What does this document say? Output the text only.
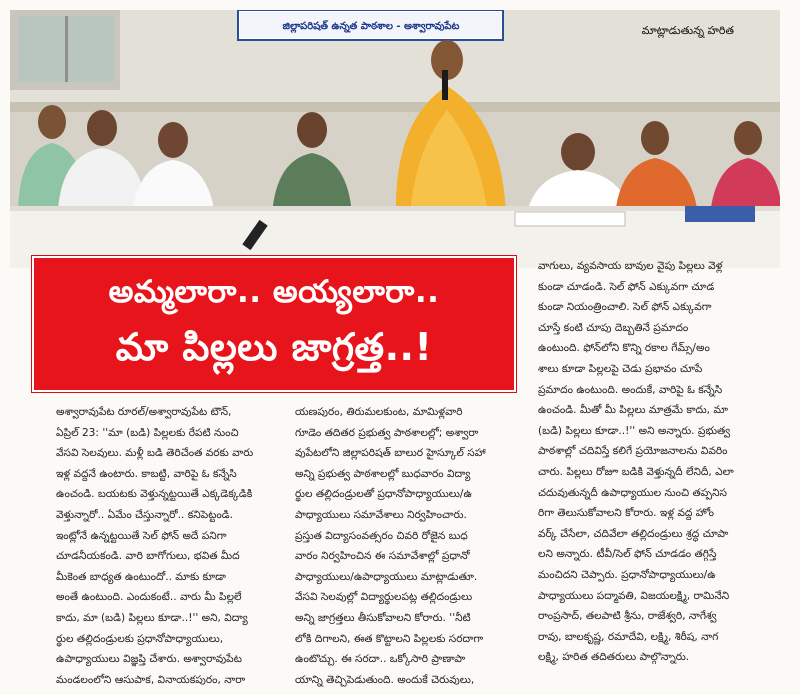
మాట్లాడుతున్న హరిత
అమ్మలారా.. అయ్యలారా..
మా పిల్లలు జాగ్రత్త..!
అశ్వారావుపేట రూరల్/అశ్వారావుపేట టౌన్,
ఏప్రిల్ 23: ''మా (బడి) పిల్లలకు రేపటి నుంచి
వేసవి సెలవులు. మళ్లీ బడి తెరిచేంత వరకు వారు
ఇళ్ల వద్దనే ఉంటారు. కాబట్టి, వారిపై ఓ కన్నేసి
ఉంచండి. బయటకు వెళ్తున్నట్టయితే ఎక్కడెక్కడికి
వెళ్తున్నారో.. ఏమేం చేస్తున్నారో.. కనిపెట్టండి.
ఇంట్లోనే ఉన్నట్టయితే సెల్ ఫోన్ అదే పనిగా
చూడనీయకండి. వారి బాగోగులు, భవిత మీద
మీకెంత బాధ్యత ఉంటుందో.. మాకు కూడా
అంతే ఉంటుంది. ఎందుకంటే.. వారు మీ పిల్లలే
కాదు, మా (బడి) పిల్లలు కూడా..!'' అని, విద్యా
ర్థుల తల్లిదండ్రులకు ప్రధానోపాధ్యాయులు,
ఉపాధ్యాయులు విజ్ఞప్తి చేశారు. అశ్వారావుపేట
మండలంలోని ఆసుపాక, వినాయకపురం, నారా
యణపురం, తిరుమలకుంట, మామిళ్లవారి
గూడెం తదితర ప్రభుత్వ పాఠశాలల్లో; అశ్వారా
వుపేటలోని జిల్లాపరిషత్ బాలుర హైస్కూల్ సహా
అన్ని ప్రభుత్వ పాఠశాలల్లో బుధవారం విద్యా
ర్థుల తల్లిదండ్రులతో ప్రధానోపాధ్యాయులు/ఉ
పాధ్యాయులు సమావేశాలు నిర్వహించారు.
ప్రస్తుత విద్యాసంవత్సరం చివరి రోజైన బుధ
వారం నిర్వహించిన ఈ సమావేశాల్లో ప్రధానో
పాధ్యాయులు/ఉపాధ్యాయులు మాట్లాడుతూ.
వేసవి సెలవుల్లో విద్యార్థులపట్ల తల్లిదండ్రులు
అన్ని జాగ్రత్తలు తీసుకోవాలని కోరారు. ''నీటి
లోకి దిగాలని, ఈత కొట్టాలని పిల్లలకు సరదాగా
ఉంటొచ్చు. ఈ సరదా.. ఒక్కోసారి ప్రాణాపా
యాన్ని తెచ్చిపెడుతుంది. అందుకే చెరువులు,
వాగులు, వ్యవసాయ బావుల వైపు పిల్లలు వెళ్ల
కుండా చూడండి. సెల్ ఫోన్ ఎక్కువగా చూడ
కుండా నియంత్రించాలి. సెల్ ఫోన్ ఎక్కువగా
చూస్తే కంటి చూపు దెబ్బతినే ప్రమాదం
ఉంటుంది. ఫోన్‌లోని కొన్ని రకాల గేమ్స్/అం
శాలు కూడా పిల్లలపై చెడు ప్రభావం చూపే
ప్రమాదం ఉంటుంది. అందుకే, వారిపై ఓ కన్నేసి
ఉంచండి. మీతో మీ పిల్లలు మాత్రమే కాదు, మా
(బడి) పిల్లలు కూడా..!'' అని అన్నారు. ప్రభుత్వ
పాఠశాల్లో చదివిస్తే కలిగే ప్రయోజనాలను వివరిం
చారు. పిల్లలు రోజూ బడికి వెళ్తున్నదీ లేనిదీ, ఎలా
చదువుతున్నదీ ఉపాధ్యాయుల నుంచి తప్పనిస
రిగా తెలుసుకోవాలని కోరారు. ఇళ్ల వద్ద హోం
వర్క్ చేసేలా, చదివేలా తల్లిదండ్రులు శ్రద్ధ చూపా
లని అన్నారు. టీవీ/సెల్ ఫోన్ చూడడం తగ్గిస్తే
మంచిదని చెప్పారు. ప్రధానోపాధ్యాయులు/ఉ
పాధ్యాయులు పద్మావతి, విజయలక్ష్మి, రామినేని
రాంప్రసాద్, తలపాటి శ్రీను, రాజేశ్వరి, నాగేశ్వ
రావు, బాలకృష్ణ, రమాదేవి, లక్ష్మి, శిరీష, నాగ
లక్ష్మి, హరిత తదితరులు పాల్గొన్నారు.
జిల్లాపరిషత్ ఉన్నత పాఠశాల - అశ్వారావుపేట
